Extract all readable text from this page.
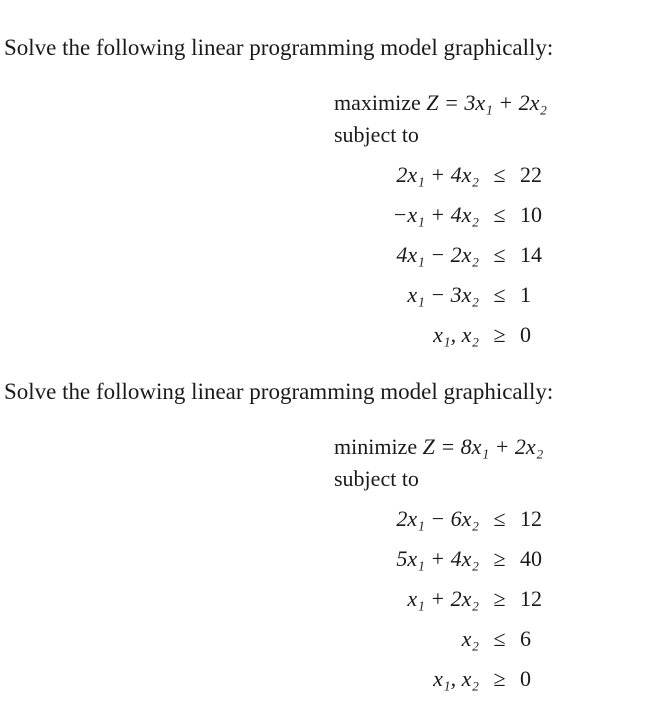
Solve the following linear programming model graphically:
maximize Z = 3x₁ + 2x₂
subject to
2x₁ + 4x₂ ≤ 22
−x₁ + 4x₂ ≤ 10
4x₁ − 2x₂ ≤ 14
x₁ − 3x₂ ≤ 1
x₁, x₂ ≥ 0
Solve the following linear programming model graphically:
minimize Z = 8x₁ + 2x₂
subject to
2x₁ − 6x₂ ≤ 12
5x₁ + 4x₂ ≥ 40
x₁ + 2x₂ ≥ 12
x₂ ≤ 6
x₁, x₂ ≥ 0
